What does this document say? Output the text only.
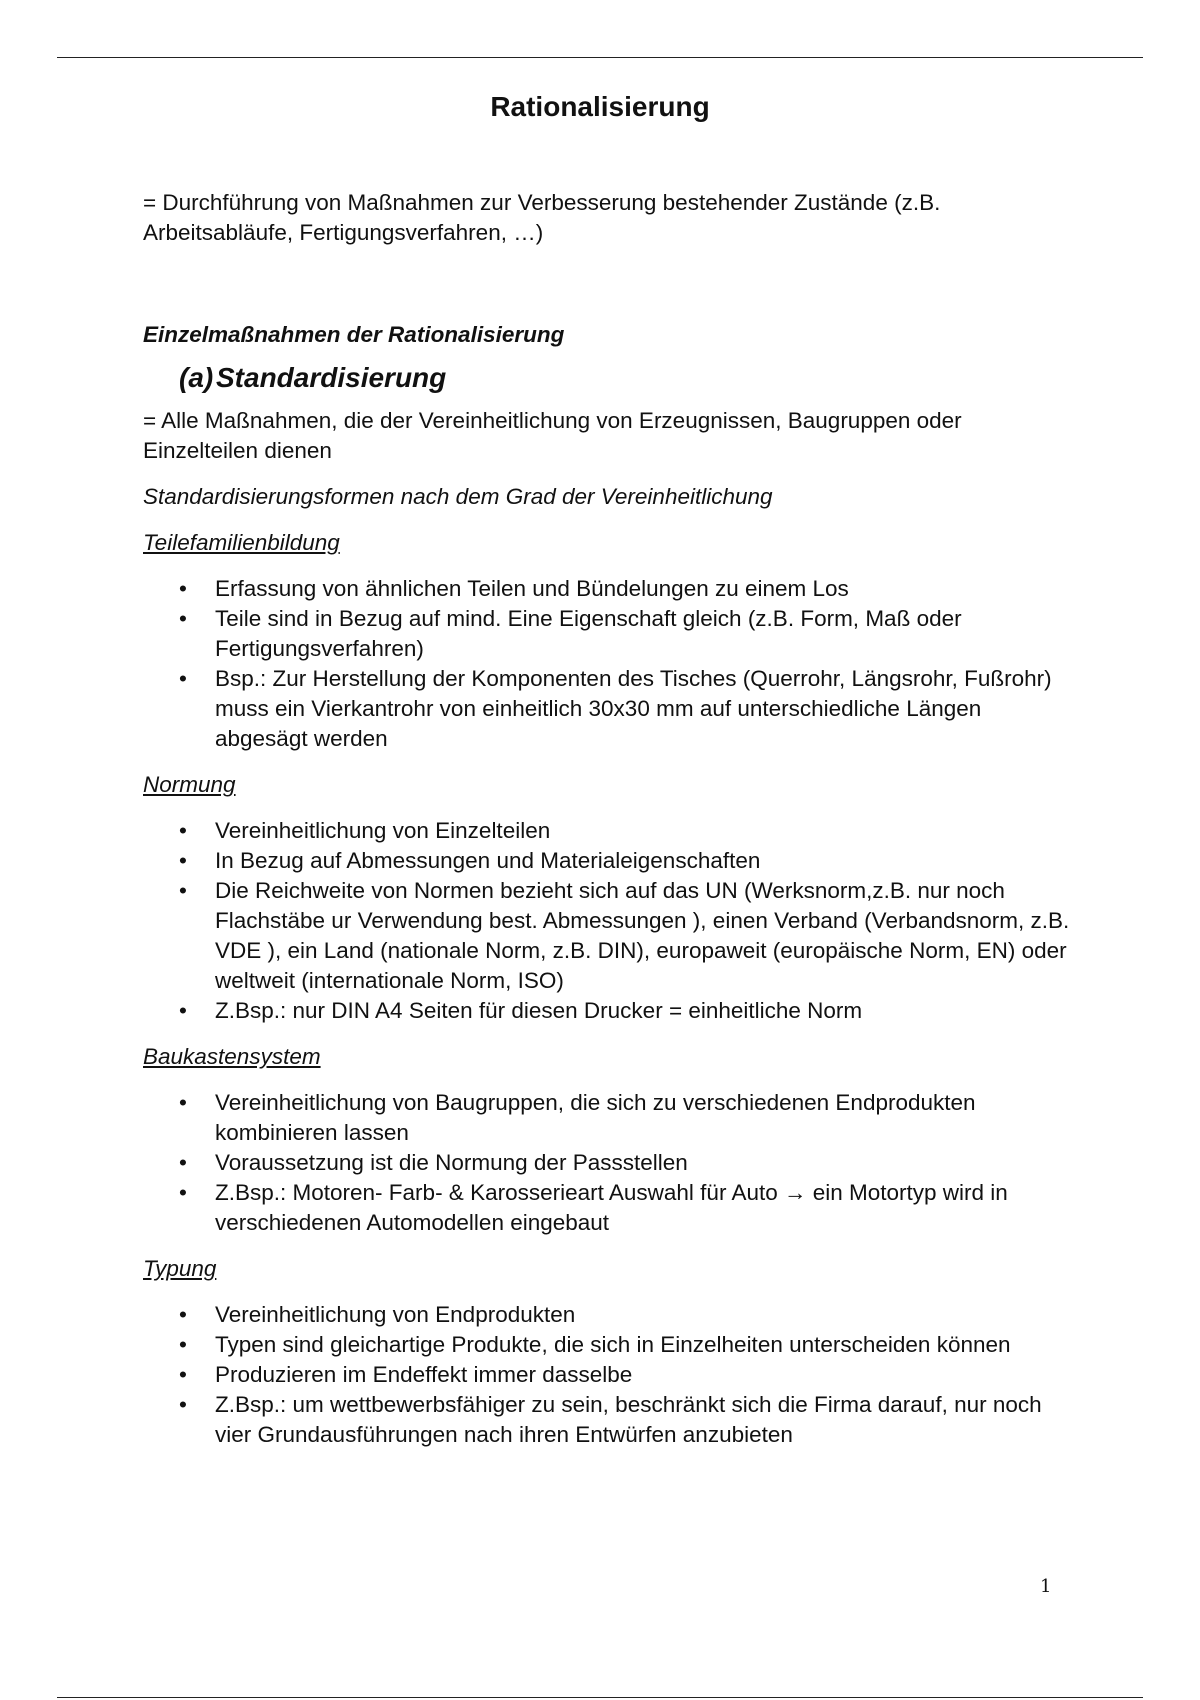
Rationalisierung

= Durchführung von Maßnahmen zur Verbesserung bestehender Zustände (z.B. Arbeitsabläufe, Fertigungsverfahren, …)

Einzelmaßnahmen der Rationalisierung

(a)Standardisierung

= Alle Maßnahmen, die der Vereinheitlichung von Erzeugnissen, Baugruppen oder Einzelteilen dienen

Standardisierungsformen nach dem Grad der Vereinheitlichung

Teilefamilienbildung

• Erfassung von ähnlichen Teilen und Bündelungen zu einem Los
• Teile sind in Bezug auf mind. Eine Eigenschaft gleich (z.B. Form, Maß oder Fertigungsverfahren)
• Bsp.: Zur Herstellung der Komponenten des Tisches (Querrohr, Längsrohr, Fußrohr) muss ein Vierkantrohr von einheitlich 30x30 mm auf unterschiedliche Längen abgesägt werden

Normung

• Vereinheitlichung von Einzelteilen
• In Bezug auf Abmessungen und Materialeigenschaften
• Die Reichweite von Normen bezieht sich auf das UN (Werksnorm,z.B. nur noch Flachstäbe ur Verwendung best. Abmessungen ), einen Verband (Verbandsnorm, z.B. VDE ), ein Land (nationale Norm, z.B. DIN), europaweit (europäische Norm, EN) oder weltweit (internationale Norm, ISO)
• Z.Bsp.: nur DIN A4 Seiten für diesen Drucker = einheitliche Norm

Baukastensystem

• Vereinheitlichung von Baugruppen, die sich zu verschiedenen Endprodukten kombinieren lassen
• Voraussetzung ist die Normung der Passstellen
• Z.Bsp.: Motoren- Farb- & Karosserieart Auswahl für Auto → ein Motortyp wird in verschiedenen Automodellen eingebaut

Typung

• Vereinheitlichung von Endprodukten
• Typen sind gleichartige Produkte, die sich in Einzelheiten unterscheiden können
• Produzieren im Endeffekt immer dasselbe
• Z.Bsp.: um wettbewerbsfähiger zu sein, beschränkt sich die Firma darauf, nur noch vier Grundausführungen nach ihren Entwürfen anzubieten
1
